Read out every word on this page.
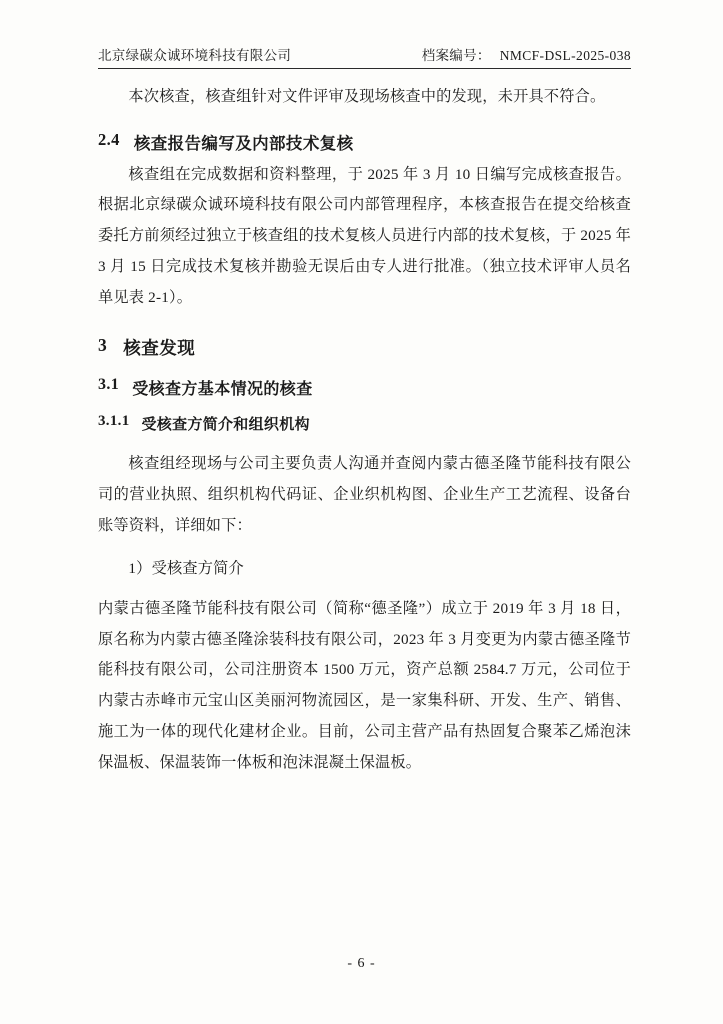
北京绿碳众诚环境科技有限公司	档案编号： NMCF-DSL-2025-038

本次核查，核查组针对文件评审及现场核查中的发现，未开具不符合。

2.4 核查报告编写及内部技术复核

核查组在完成数据和资料整理，于 2025 年 3 月 10 日编写完成核查报告。根据北京绿碳众诚环境科技有限公司内部管理程序，本核查报告在提交给核查委托方前须经过独立于核查组的技术复核人员进行内部的技术复核，于 2025 年 3 月 15 日完成技术复核并勘验无误后由专人进行批准。（独立技术评审人员名单见表 2-1）。

3 核查发现
3.1 受核查方基本情况的核查
3.1.1 受核查方简介和组织机构

核查组经现场与公司主要负责人沟通并查阅内蒙古德圣隆节能科技有限公司的营业执照、组织机构代码证、企业织机构图、企业生产工艺流程、设备台账等资料，详细如下：

1）受核查方简介

内蒙古德圣隆节能科技有限公司（简称“德圣隆”）成立于 2019 年 3 月 18 日，原名称为内蒙古德圣隆涂装科技有限公司，2023 年 3 月变更为内蒙古德圣隆节能科技有限公司，公司注册资本 1500 万元，资产总额 2584.7 万元，公司位于内蒙古赤峰市元宝山区美丽河物流园区，是一家集科研、开发、生产、销售、施工为一体的现代化建材企业。目前，公司主营产品有热固复合聚苯乙烯泡沫保温板、保温装饰一体板和泡沫混凝土保温板。

- 6 -
